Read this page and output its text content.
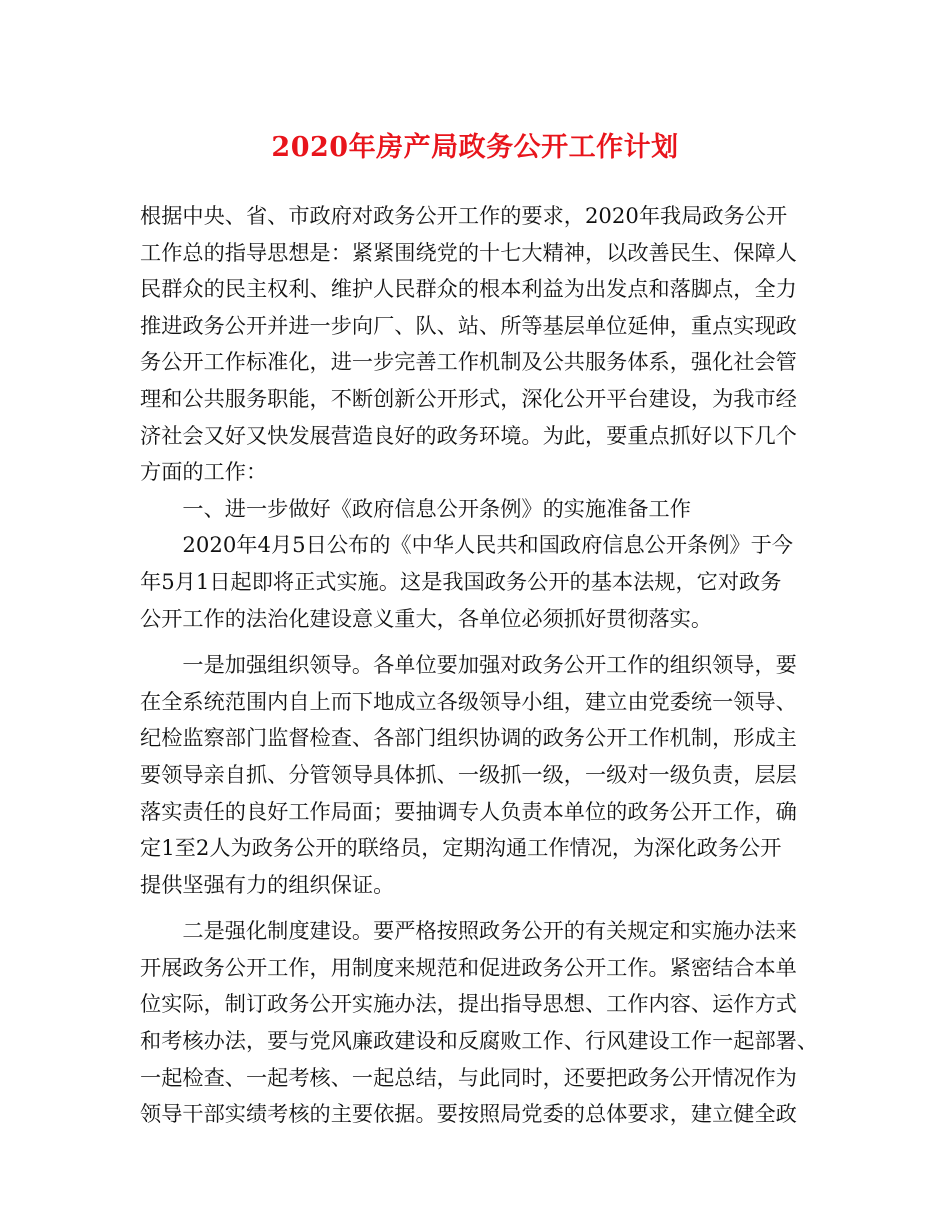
2020年房产局政务公开工作计划
根据中央、省、市政府对政务公开工作的要求，2020年我局政务公开
工作总的指导思想是：紧紧围绕党的十七大精神，以改善民生、保障人
民群众的民主权利、维护人民群众的根本利益为出发点和落脚点，全力
推进政务公开并进一步向厂、队、站、所等基层单位延伸，重点实现政
务公开工作标准化，进一步完善工作机制及公共服务体系，强化社会管
理和公共服务职能，不断创新公开形式，深化公开平台建设，为我市经
济社会又好又快发展营造良好的政务环境。为此，要重点抓好以下几个
方面的工作：
　　一、进一步做好《政府信息公开条例》的实施准备工作
　　2020年4月5日公布的《中华人民共和国政府信息公开条例》于今
年5月1日起即将正式实施。这是我国政务公开的基本法规，它对政务
公开工作的法治化建设意义重大，各单位必须抓好贯彻落实。
　　一是加强组织领导。各单位要加强对政务公开工作的组织领导，要
在全系统范围内自上而下地成立各级领导小组，建立由党委统一领导、
纪检监察部门监督检查、各部门组织协调的政务公开工作机制，形成主
要领导亲自抓、分管领导具体抓、一级抓一级，一级对一级负责，层层
落实责任的良好工作局面；要抽调专人负责本单位的政务公开工作，确
定1至2人为政务公开的联络员，定期沟通工作情况，为深化政务公开
提供坚强有力的组织保证。
　　二是强化制度建设。要严格按照政务公开的有关规定和实施办法来
开展政务公开工作，用制度来规范和促进政务公开工作。紧密结合本单
位实际，制订政务公开实施办法，提出指导思想、工作内容、运作方式
和考核办法，要与党风廉政建设和反腐败工作、行风建设工作一起部署、
一起检查、一起考核、一起总结，与此同时，还要把政务公开情况作为
领导干部实绩考核的主要依据。要按照局党委的总体要求，建立健全政
